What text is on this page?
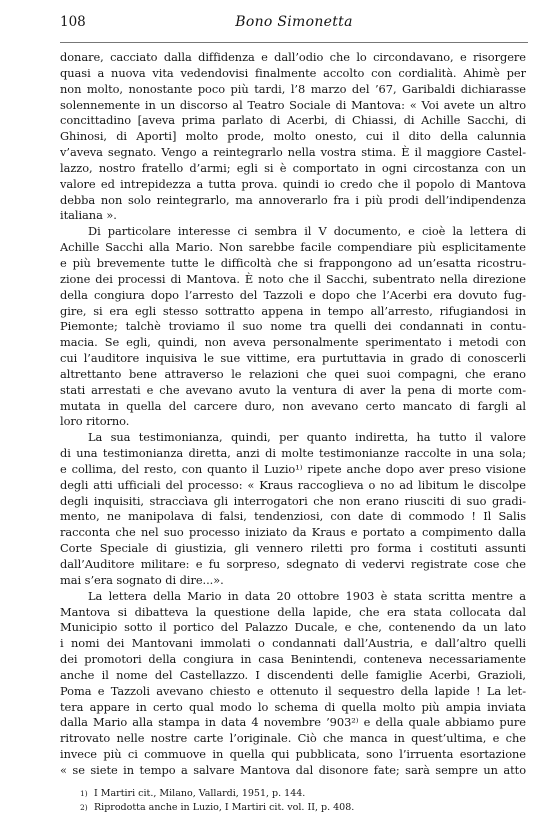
108	Bono Simonetta
donare, cacciato dalla diffidenza e dall’odio che lo circondavano, e risorgere
quasi a nuova vita vedendovisi finalmente accolto con cordialità. Ahimè per
non molto, nonostante poco più tardi, l’8 marzo del ’67, Garibaldi dichiarasse
solennemente in un discorso al Teatro Sociale di Mantova: « Voi avete un altro
concittadino [aveva prima parlato di Acerbi, di Chiassi, di Achille Sacchi, di
Ghinosi, di Aporti] molto prode, molto onesto, cui il dito della calunnia
v’aveva segnato. Vengo a reintegrarlo nella vostra stima. È il maggiore Castel-
lazzo, nostro fratello d’armi; egli si è comportato in ogni circostanza con un
valore ed intrepidezza a tutta prova. quindi io credo che il popolo di Mantova
debba non solo reintegrarlo, ma annoverarlo fra i più prodi dell’indipendenza
italiana ».
Di particolare interesse ci sembra il V documento, e cioè la lettera di
Achille Sacchi alla Mario. Non sarebbe facile compendiare più esplicitamente
e più brevemente tutte le difficoltà che si frappongono ad un’esatta ricostru-
zione dei processi di Mantova. È noto che il Sacchi, subentrato nella direzione
della congiura dopo l’arresto del Tazzoli e dopo che l’Acerbi era dovuto fug-
gire, si era egli stesso sottratto appena in tempo all’arresto, rifugiandosi in
Piemonte; talchè troviamo il suo nome tra quelli dei condannati in contu-
macia. Se egli, quindi, non aveva personalmente sperimentato i metodi con
cui l’auditore inquisiva le sue vittime, era purtuttavia in grado di conoscerli
altrettanto bene attraverso le relazioni che quei suoi compagni, che erano
stati arrestati e che avevano avuto la ventura di aver la pena di morte com-
mutata in quella del carcere duro, non avevano certo mancato di fargli al
loro ritorno.
La sua testimonianza, quindi, per quanto indiretta, ha tutto il valore
di una testimonianza diretta, anzi di molte testimonianze raccolte in una sola;
e collima, del resto, con quanto il Luzio¹⁾ ripete anche dopo aver preso visione
degli atti ufficiali del processo: « Kraus raccoglieva o no ad libitum le discolpe
degli inquisiti, straccìava gli interrogatori che non erano riusciti di suo gradi-
mento, ne manipolava di falsi, tendenziosi, con date di commodo ! Il Salis
racconta che nel suo processo iniziato da Kraus e portato a compimento dalla
Corte Speciale di giustizia, gli vennero riletti pro forma i costituti assunti
dall’Auditore militare: e fu sorpreso, sdegnato di vedervi registrate cose che
mai s’era sognato di dire...».
La lettera della Mario in data 20 ottobre 1903 è stata scritta mentre a
Mantova si dibatteva la questione della lapide, che era stata collocata dal
Municipio sotto il portico del Palazzo Ducale, e che, contenendo da un lato
i nomi dei Mantovani immolati o condannati dall’Austria, e dall’altro quelli
dei promotori della congiura in casa Benintendi, conteneva necessariamente
anche il nome del Castellazzo. I discendenti delle famiglie Acerbi, Grazioli,
Poma e Tazzoli avevano chiesto e ottenuto il sequestro della lapide ! La let-
tera appare in certo qual modo lo schema di quella molto più ampia inviata
dalla Mario alla stampa in data 4 novembre ’903²⁾ e della quale abbiamo pure
ritrovato nelle nostre carte l’originale. Ciò che manca in quest’ultima, e che
invece più ci commuove in quella qui pubblicata, sono l’irruenta esortazione
« se siete in tempo a salvare Mantova dal disonore fate; sarà sempre un atto
1) I Martiri cit., Milano, Vallardi, 1951, p. 144.
2) Riprodotta anche in Luzio, I Martiri cit. vol. II, p. 408.
